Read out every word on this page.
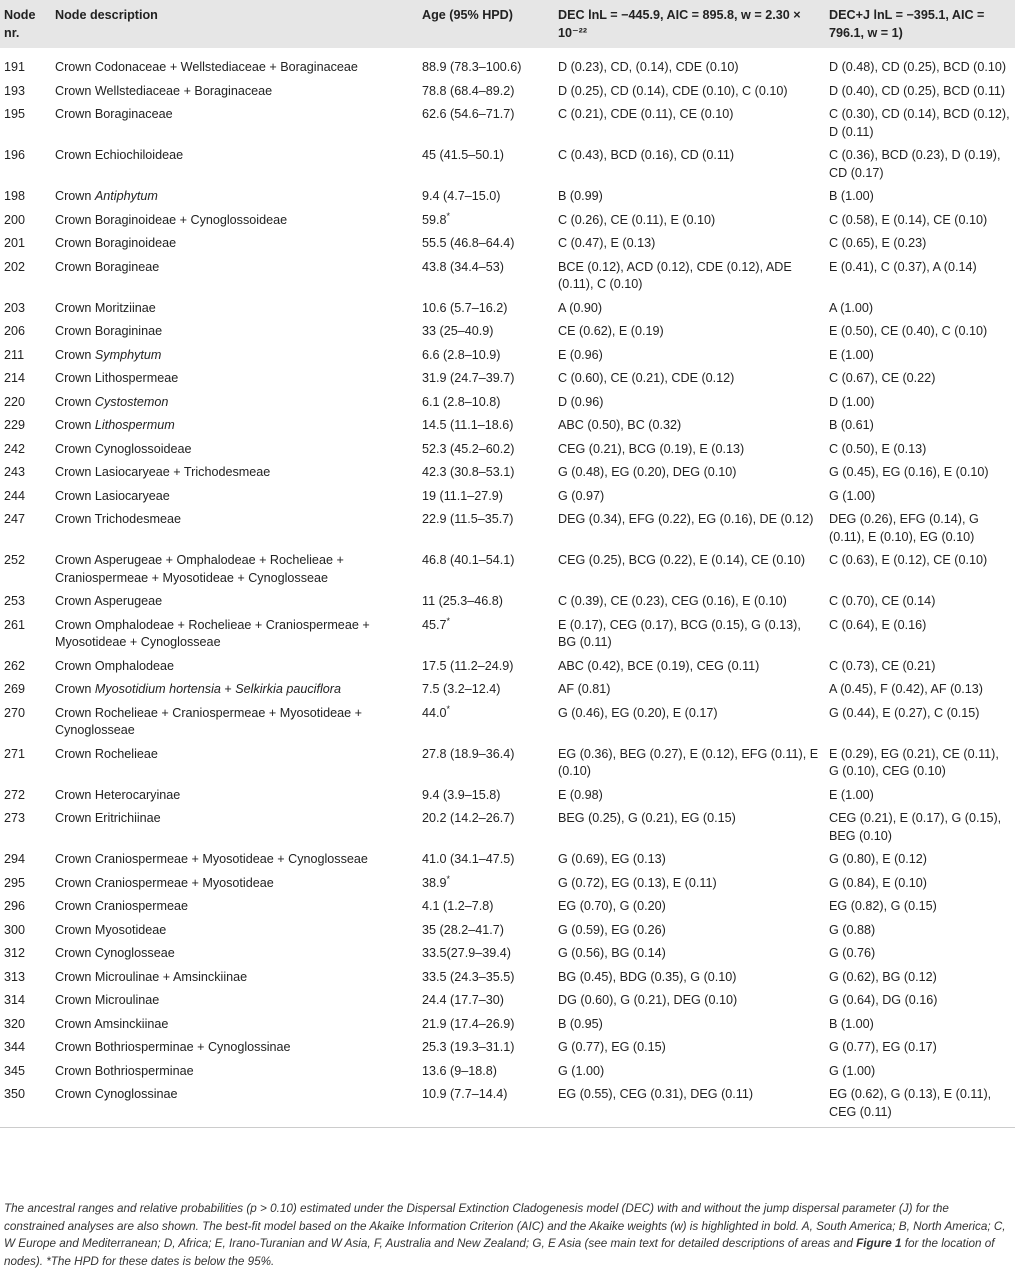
Node nr.	Node description	Age (95% HPD)	DEC lnL = −445.9, AIC = 895.8, w = 2.30 × 10⁻²²	DEC+J lnL = −395.1, AIC = 796.1, w = 1)
191	Crown Codonaceae + Wellstediaceae + Boraginaceae	88.9 (78.3–100.6)	D (0.23), CD, (0.14), CDE (0.10)	D (0.48), CD (0.25), BCD (0.10)
193	Crown Wellstediaceae + Boraginaceae	78.8 (68.4–89.2)	D (0.25), CD (0.14), CDE (0.10), C (0.10)	D (0.40), CD (0.25), BCD (0.11)
195	Crown Boraginaceae	62.6 (54.6–71.7)	C (0.21), CDE (0.11), CE (0.10)	C (0.30), CD (0.14), BCD (0.12), D (0.11)
196	Crown Echiochiloideae	45 (41.5–50.1)	C (0.43), BCD (0.16), CD (0.11)	C (0.36), BCD (0.23), D (0.19), CD (0.17)
198	Crown Antiphytum	9.4 (4.7–15.0)	B (0.99)	B (1.00)
200	Crown Boraginoideae + Cynoglossoideae	59.8*	C (0.26), CE (0.11), E (0.10)	C (0.58), E (0.14), CE (0.10)
201	Crown Boraginoideae	55.5 (46.8–64.4)	C (0.47), E (0.13)	C (0.65), E (0.23)
202	Crown Boragineae	43.8 (34.4–53)	BCE (0.12), ACD (0.12), CDE (0.12), ADE (0.11), C (0.10)	E (0.41), C (0.37), A (0.14)
203	Crown Moritziinae	10.6 (5.7–16.2)	A (0.90)	A (1.00)
206	Crown Boragininae	33 (25–40.9)	CE (0.62), E (0.19)	E (0.50), CE (0.40), C (0.10)
211	Crown Symphytum	6.6 (2.8–10.9)	E (0.96)	E (1.00)
214	Crown Lithospermeae	31.9 (24.7–39.7)	C (0.60), CE (0.21), CDE (0.12)	C (0.67), CE (0.22)
220	Crown Cystostemon	6.1 (2.8–10.8)	D (0.96)	D (1.00)
229	Crown Lithospermum	14.5 (11.1–18.6)	ABC (0.50), BC (0.32)	B (0.61)
242	Crown Cynoglossoideae	52.3 (45.2–60.2)	CEG (0.21), BCG (0.19), E (0.13)	C (0.50), E (0.13)
243	Crown Lasiocaryeae + Trichodesmeae	42.3 (30.8–53.1)	G (0.48), EG (0.20), DEG (0.10)	G (0.45), EG (0.16), E (0.10)
244	Crown Lasiocaryeae	19 (11.1–27.9)	G (0.97)	G (1.00)
247	Crown Trichodesmeae	22.9 (11.5–35.7)	DEG (0.34), EFG (0.22), EG (0.16), DE (0.12)	DEG (0.26), EFG (0.14), G (0.11), E (0.10), EG (0.10)
252	Crown Asperugeae + Omphalodeae + Rochelieae + Craniospermeae + Myosotideae + Cynoglosseae	46.8 (40.1–54.1)	CEG (0.25), BCG (0.22), E (0.14), CE (0.10)	C (0.63), E (0.12), CE (0.10)
253	Crown Asperugeae	11 (25.3–46.8)	C (0.39), CE (0.23), CEG (0.16), E (0.10)	C (0.70), CE (0.14)
261	Crown Omphalodeae + Rochelieae + Craniospermeae + Myosotideae + Cynoglosseae	45.7*	E (0.17), CEG (0.17), BCG (0.15), G (0.13), BG (0.11)	C (0.64), E (0.16)
262	Crown Omphalodeae	17.5 (11.2–24.9)	ABC (0.42), BCE (0.19), CEG (0.11)	C (0.73), CE (0.21)
269	Crown Myosotidium hortensia + Selkirkia pauciflora	7.5 (3.2–12.4)	AF (0.81)	A (0.45), F (0.42), AF (0.13)
270	Crown Rochelieae + Craniospermeae + Myosotideae + Cynoglosseae	44.0*	G (0.46), EG (0.20), E (0.17)	G (0.44), E (0.27), C (0.15)
271	Crown Rochelieae	27.8 (18.9–36.4)	EG (0.36), BEG (0.27), E (0.12), EFG (0.11), E (0.10)	E (0.29), EG (0.21), CE (0.11), G (0.10), CEG (0.10)
272	Crown Heterocaryinae	9.4 (3.9–15.8)	E (0.98)	E (1.00)
273	Crown Eritrichiinae	20.2 (14.2–26.7)	BEG (0.25), G (0.21), EG (0.15)	CEG (0.21), E (0.17), G (0.15), BEG (0.10)
294	Crown Craniospermeae + Myosotideae + Cynoglosseae	41.0 (34.1–47.5)	G (0.69), EG (0.13)	G (0.80), E (0.12)
295	Crown Craniospermeae + Myosotideae	38.9*	G (0.72), EG (0.13), E (0.11)	G (0.84), E (0.10)
296	Crown Craniospermeae	4.1 (1.2–7.8)	EG (0.70), G (0.20)	EG (0.82), G (0.15)
300	Crown Myosotideae	35 (28.2–41.7)	G (0.59), EG (0.26)	G (0.88)
312	Crown Cynoglosseae	33.5(27.9–39.4)	G (0.56), BG (0.14)	G (0.76)
313	Crown Microulinae + Amsinckiinae	33.5 (24.3–35.5)	BG (0.45), BDG (0.35), G (0.10)	G (0.62), BG (0.12)
314	Crown Microulinae	24.4 (17.7–30)	DG (0.60), G (0.21), DEG (0.10)	G (0.64), DG (0.16)
320	Crown Amsinckiinae	21.9 (17.4–26.9)	B (0.95)	B (1.00)
344	Crown Bothriosperminae + Cynoglossinae	25.3 (19.3–31.1)	G (0.77), EG (0.15)	G (0.77), EG (0.17)
345	Crown Bothriosperminae	13.6 (9–18.8)	G (1.00)	G (1.00)
350	Crown Cynoglossinae	10.9 (7.7–14.4)	EG (0.55), CEG (0.31), DEG (0.11)	EG (0.62), G (0.13), E (0.11), CEG (0.11)
The ancestral ranges and relative probabilities (p > 0.10) estimated under the Dispersal Extinction Cladogenesis model (DEC) with and without the jump dispersal parameter (J) for the constrained analyses are also shown. The best-fit model based on the Akaike Information Criterion (AIC) and the Akaike weights (w) is highlighted in bold. A, South America; B, North America; C, W Europe and Mediterranean; D, Africa; E, Irano-Turanian and W Asia, F, Australia and New Zealand; G, E Asia (see main text for detailed descriptions of areas and Figure 1 for the location of nodes). *The HPD for these dates is below the 95%.
